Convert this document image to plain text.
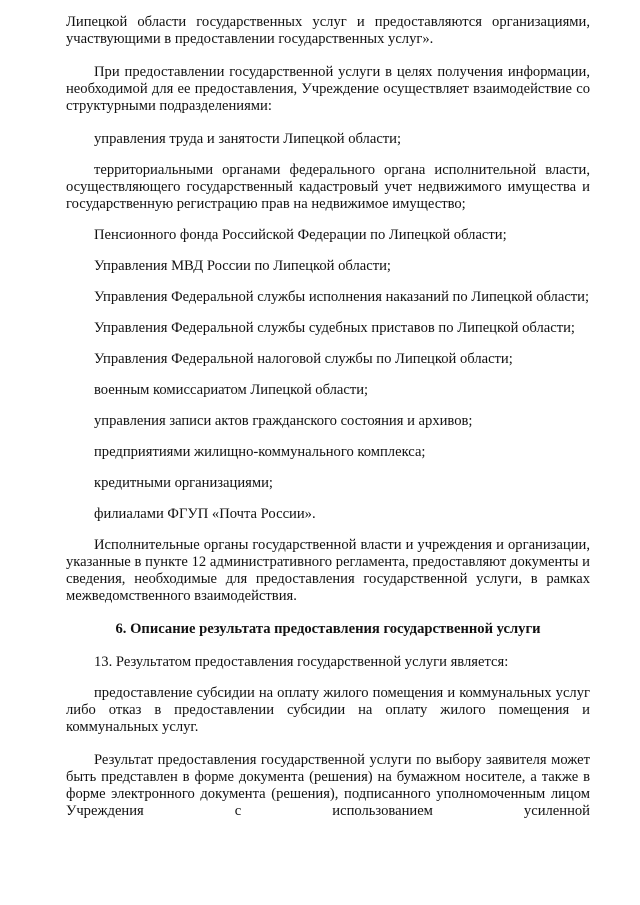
Липецкой области государственных услуг и предоставляются организациями, участвующими в предоставлении государственных услуг».

При предоставлении государственной услуги в целях получения информации, необходимой для ее предоставления, Учреждение осуществляет взаимодействие со структурными подразделениями:

управления труда и занятости Липецкой области;

территориальными органами федерального органа исполнительной власти, осуществляющего государственный кадастровый учет недвижимого имущества и государственную регистрацию прав на недвижимое имущество;

Пенсионного фонда Российской Федерации по Липецкой области;

Управления МВД России по Липецкой области;

Управления Федеральной службы исполнения наказаний по Липецкой области;

Управления Федеральной службы судебных приставов по Липецкой области;

Управления Федеральной налоговой службы по Липецкой области;

военным комиссариатом Липецкой области;

управления записи актов гражданского состояния и архивов;

предприятиями жилищно-коммунального комплекса;

кредитными организациями;

филиалами ФГУП «Почта России».

Исполнительные органы государственной власти и учреждения и организации, указанные в пункте 12 административного регламента, предоставляют документы и сведения, необходимые для предоставления государственной услуги, в рамках межведомственного взаимодействия.

6. Описание результата предоставления государственной услуги

13. Результатом предоставления государственной услуги является:

предоставление субсидии на оплату жилого помещения и коммунальных услуг либо отказ в предоставлении субсидии на оплату жилого помещения и коммунальных услуг.

Результат предоставления государственной услуги по выбору заявителя может быть представлен в форме документа (решения) на бумажном носителе, а также в форме электронного документа (решения), подписанного уполномоченным лицом Учреждения с использованием усиленной
